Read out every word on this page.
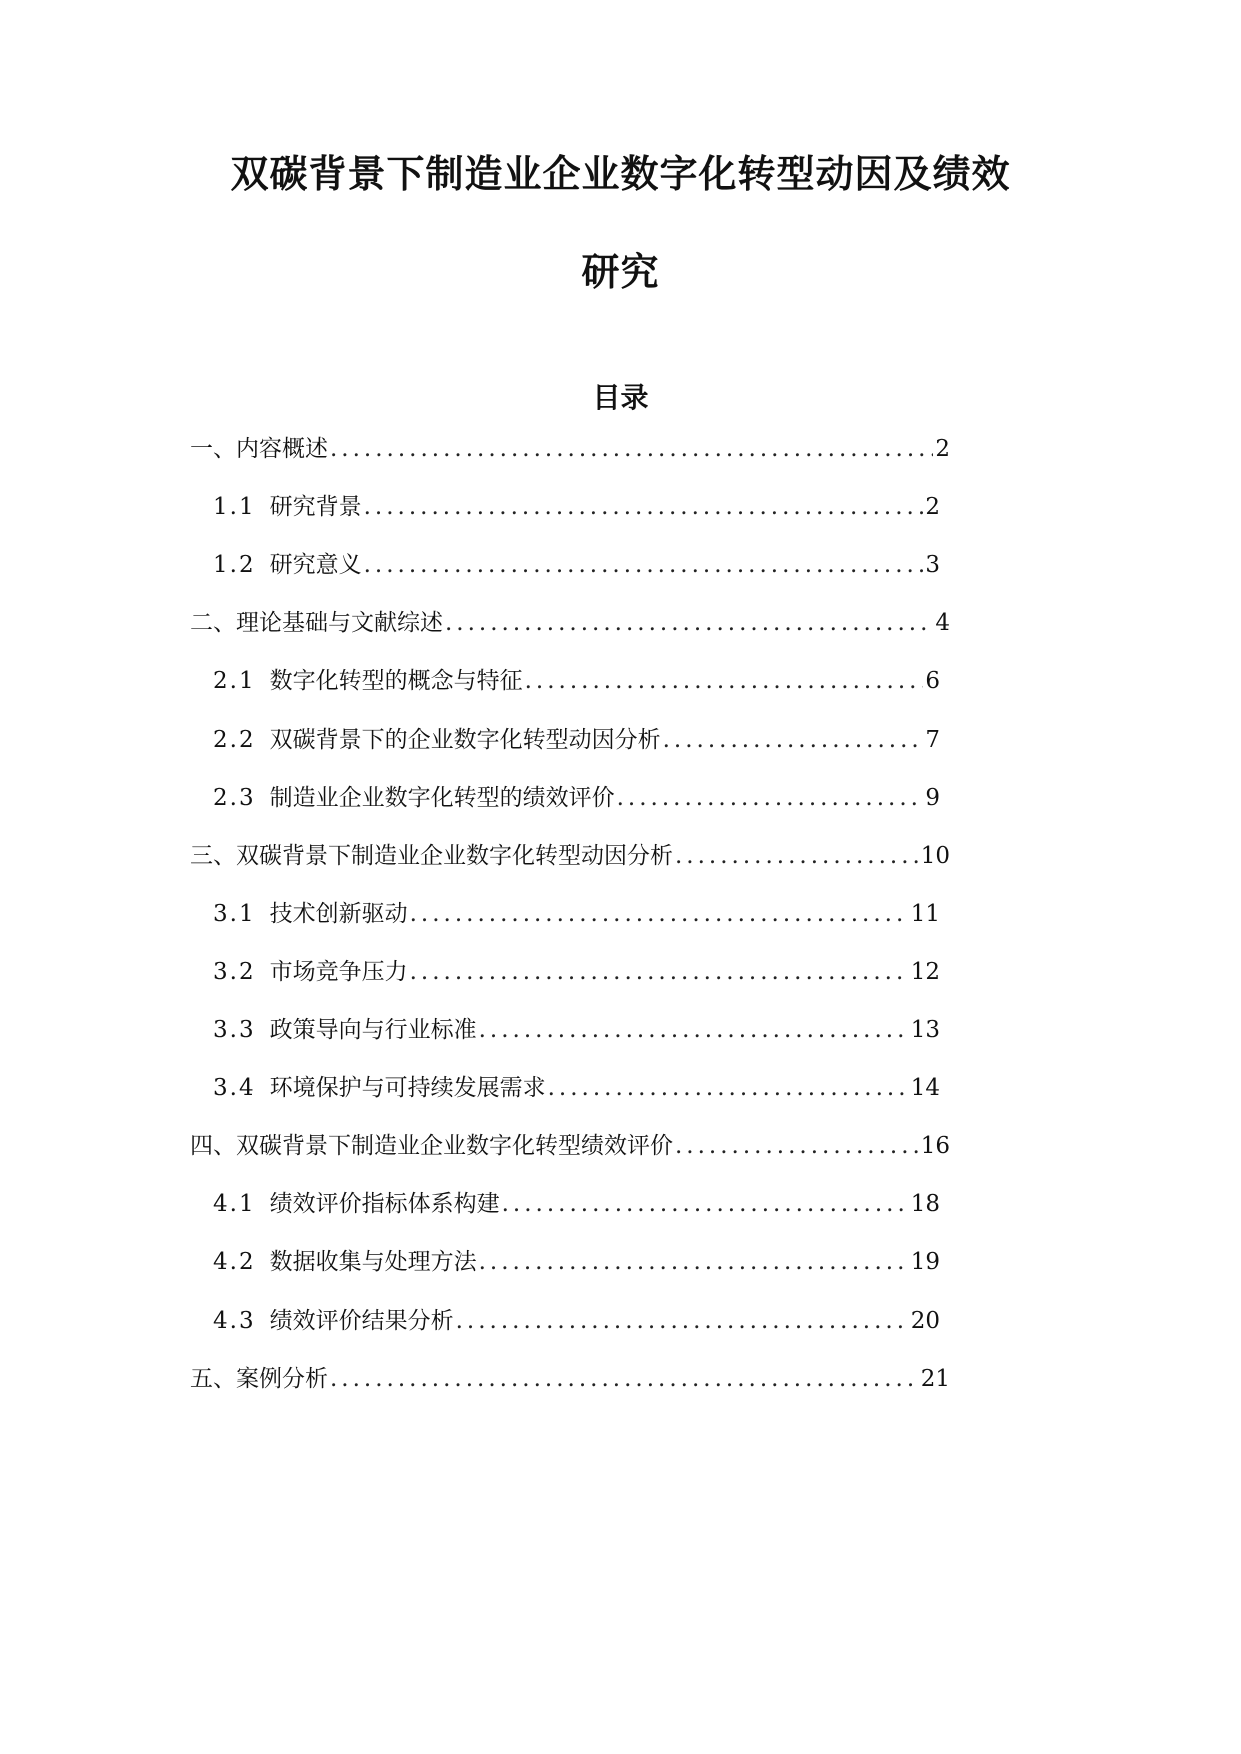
双碳背景下制造业企业数字化转型动因及绩效
研究
目录
一、内容概述 .....	2
1.1 研究背景 .....	2
1.2 研究意义 .....	3
二、理论基础与文献综述 .....	4
2.1 数字化转型的概念与特征 .....	6
2.2 双碳背景下的企业数字化转型动因分析 .....	7
2.3 制造业企业数字化转型的绩效评价 .....	9
三、双碳背景下制造业企业数字化转型动因分析 .....	10
3.1 技术创新驱动 .....	11
3.2 市场竞争压力 .....	12
3.3 政策导向与行业标准 .....	13
3.4 环境保护与可持续发展需求 .....	14
四、双碳背景下制造业企业数字化转型绩效评价 .....	16
4.1 绩效评价指标体系构建 .....	18
4.2 数据收集与处理方法 .....	19
4.3 绩效评价结果分析 .....	20
五、案例分析 .....	21
